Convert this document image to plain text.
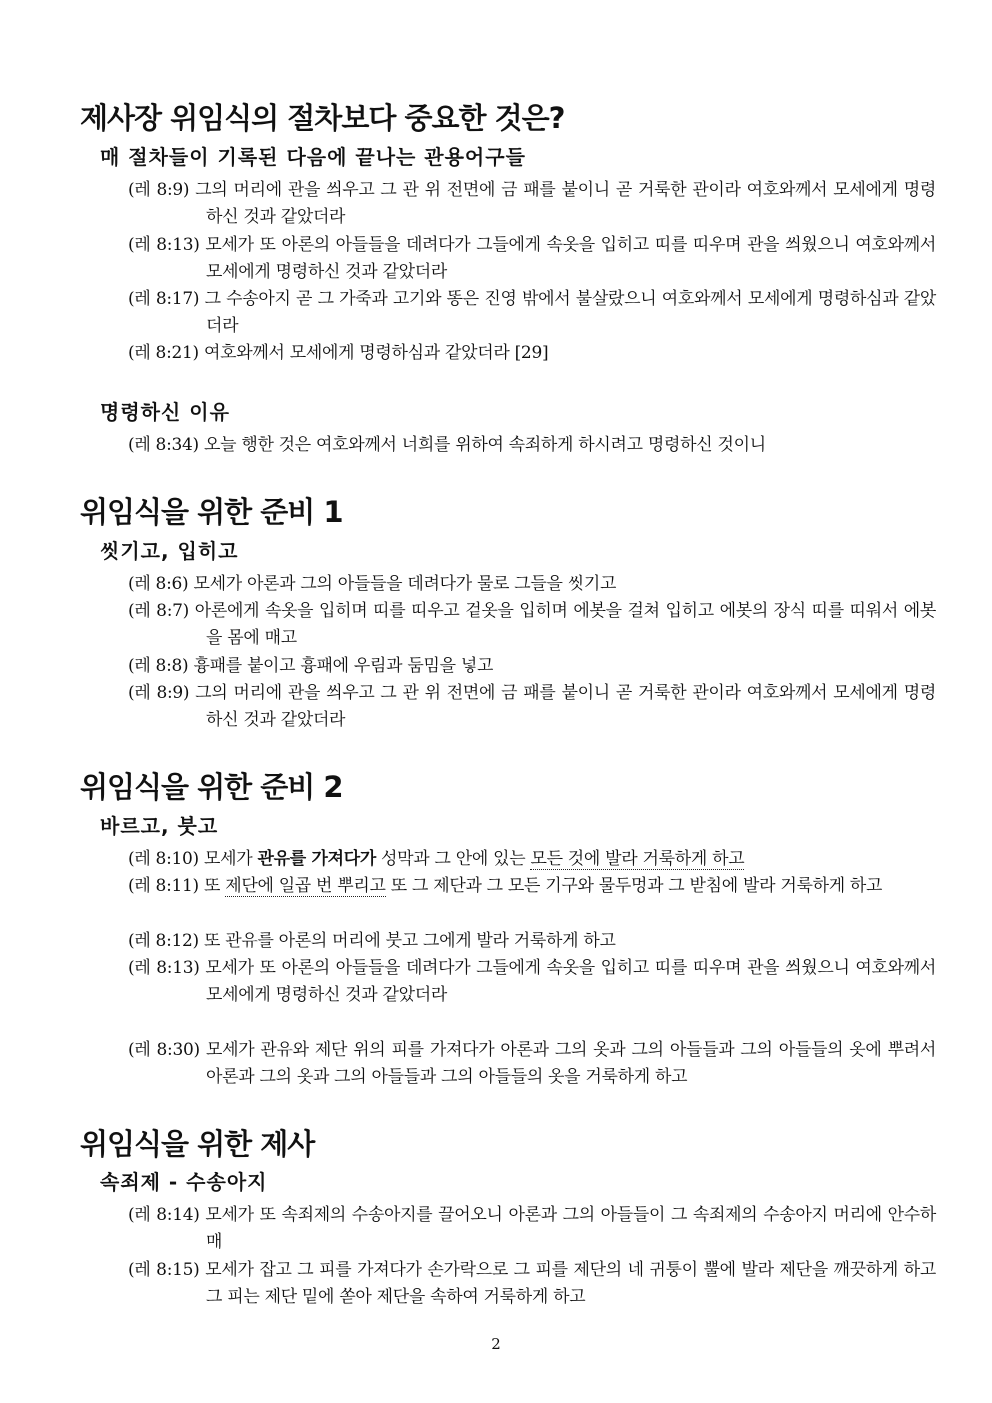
제사장 위임식의 절차보다 중요한 것은?
매 절차들이 기록된 다음에 끝나는 관용어구들
(레 8:9) 그의 머리에 관을 씌우고 그 관 위 전면에 금 패를 붙이니 곧 거룩한 관이라 여호와께서 모세에게 명령하신 것과 같았더라
(레 8:13) 모세가 또 아론의 아들들을 데려다가 그들에게 속옷을 입히고 띠를 띠우며 관을 씌웠으니 여호와께서 모세에게 명령하신 것과 같았더라
(레 8:17) 그 수송아지 곧 그 가죽과 고기와 똥은 진영 밖에서 불살랐으니 여호와께서 모세에게 명령하심과 같았더라
(레 8:21) 여호와께서 모세에게 명령하심과 같았더라 [29]
명령하신 이유
(레 8:34) 오늘 행한 것은 여호와께서 너희를 위하여 속죄하게 하시려고 명령하신 것이니
위임식을 위한 준비 1
씻기고, 입히고
(레 8:6) 모세가 아론과 그의 아들들을 데려다가 물로 그들을 씻기고
(레 8:7) 아론에게 속옷을 입히며 띠를 띠우고 겉옷을 입히며 에봇을 걸쳐 입히고 에봇의 장식 띠를 띠워서 에봇을 몸에 매고
(레 8:8) 흉패를 붙이고 흉패에 우림과 둠밈을 넣고
(레 8:9) 그의 머리에 관을 씌우고 그 관 위 전면에 금 패를 붙이니 곧 거룩한 관이라 여호와께서 모세에게 명령하신 것과 같았더라
위임식을 위한 준비 2
바르고, 붓고
(레 8:10) 모세가 관유를 가져다가 성막과 그 안에 있는 모든 것에 발라 거룩하게 하고
(레 8:11) 또 제단에 일곱 번 뿌리고 또 그 제단과 그 모든 기구와 물두멍과 그 받침에 발라 거룩하게 하고
(레 8:12) 또 관유를 아론의 머리에 붓고 그에게 발라 거룩하게 하고
(레 8:13) 모세가 또 아론의 아들들을 데려다가 그들에게 속옷을 입히고 띠를 띠우며 관을 씌웠으니 여호와께서 모세에게 명령하신 것과 같았더라
(레 8:30) 모세가 관유와 제단 위의 피를 가져다가 아론과 그의 옷과 그의 아들들과 그의 아들들의 옷에 뿌려서 아론과 그의 옷과 그의 아들들과 그의 아들들의 옷을 거룩하게 하고
위임식을 위한 제사
속죄제 - 수송아지
(레 8:14) 모세가 또 속죄제의 수송아지를 끌어오니 아론과 그의 아들들이 그 속죄제의 수송아지 머리에 안수하매
(레 8:15) 모세가 잡고 그 피를 가져다가 손가락으로 그 피를 제단의 네 귀퉁이 뿔에 발라 제단을 깨끗하게 하고 그 피는 제단 밑에 쏟아 제단을 속하여 거룩하게 하고
2
